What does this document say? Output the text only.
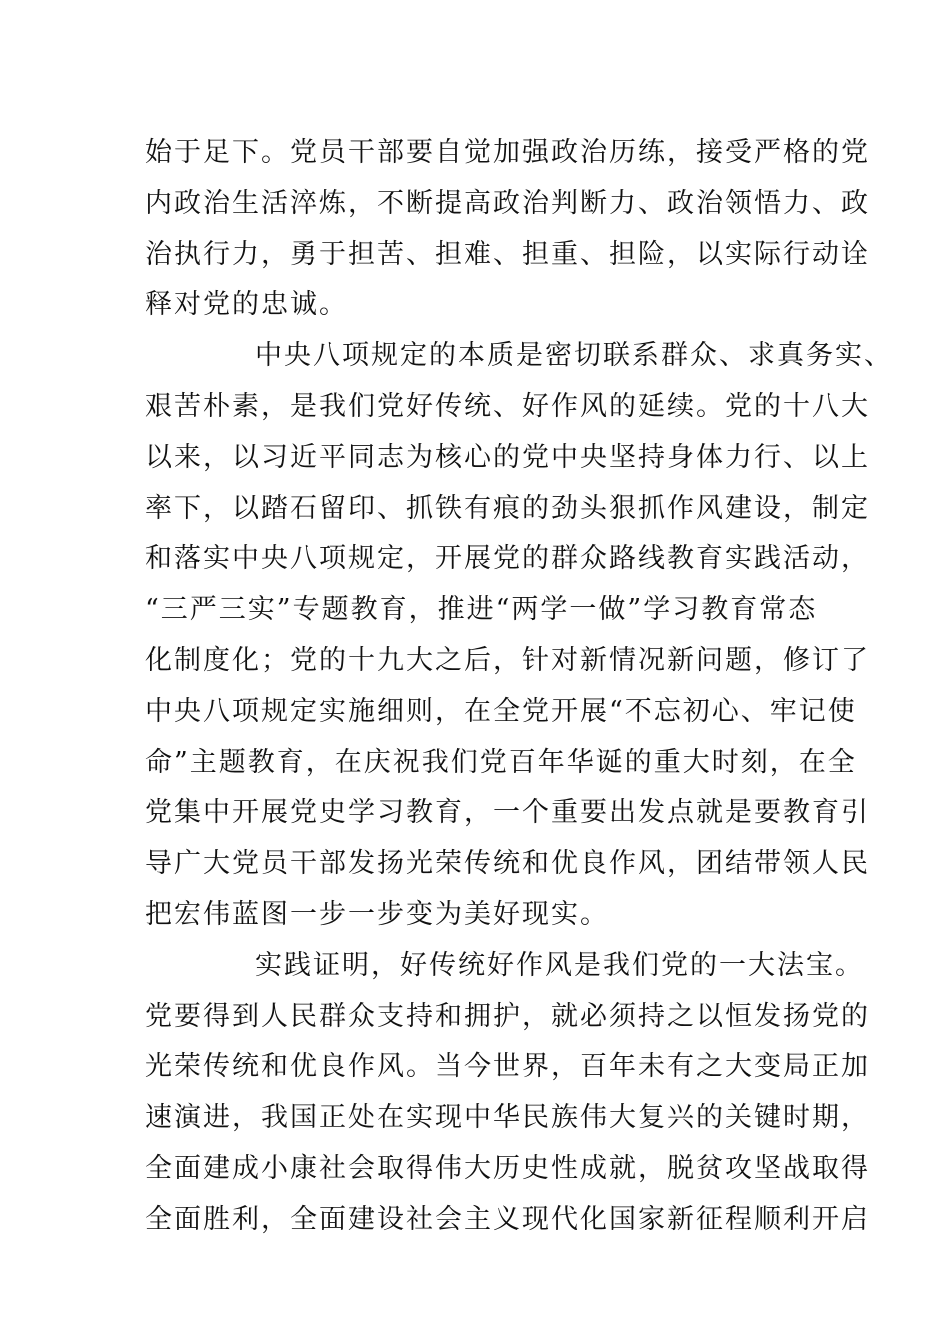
始于足下。党员干部要自觉加强政治历练，接受严格的党
内政治生活淬炼，不断提高政治判断力、政治领悟力、政
治执行力，勇于担苦、担难、担重、担险，以实际行动诠
释对党的忠诚。
中央八项规定的本质是密切联系群众、求真务实、
艰苦朴素，是我们党好传统、好作风的延续。党的十八大
以来，以习近平同志为核心的党中央坚持身体力行、以上
率下，以踏石留印、抓铁有痕的劲头狠抓作风建设，制定
和落实中央八项规定，开展党的群众路线教育实践活动，
“三严三实”专题教育，推进“两学一做”学习教育常态
化制度化；党的十九大之后，针对新情况新问题，修订了
中央八项规定实施细则，在全党开展“不忘初心、牢记使
命”主题教育，在庆祝我们党百年华诞的重大时刻，在全
党集中开展党史学习教育，一个重要出发点就是要教育引
导广大党员干部发扬光荣传统和优良作风，团结带领人民
把宏伟蓝图一步一步变为美好现实。
实践证明，好传统好作风是我们党的一大法宝。
党要得到人民群众支持和拥护，就必须持之以恒发扬党的
光荣传统和优良作风。当今世界，百年未有之大变局正加
速演进，我国正处在实现中华民族伟大复兴的关键时期，
全面建成小康社会取得伟大历史性成就，脱贫攻坚战取得
全面胜利，全面建设社会主义现代化国家新征程顺利开启
